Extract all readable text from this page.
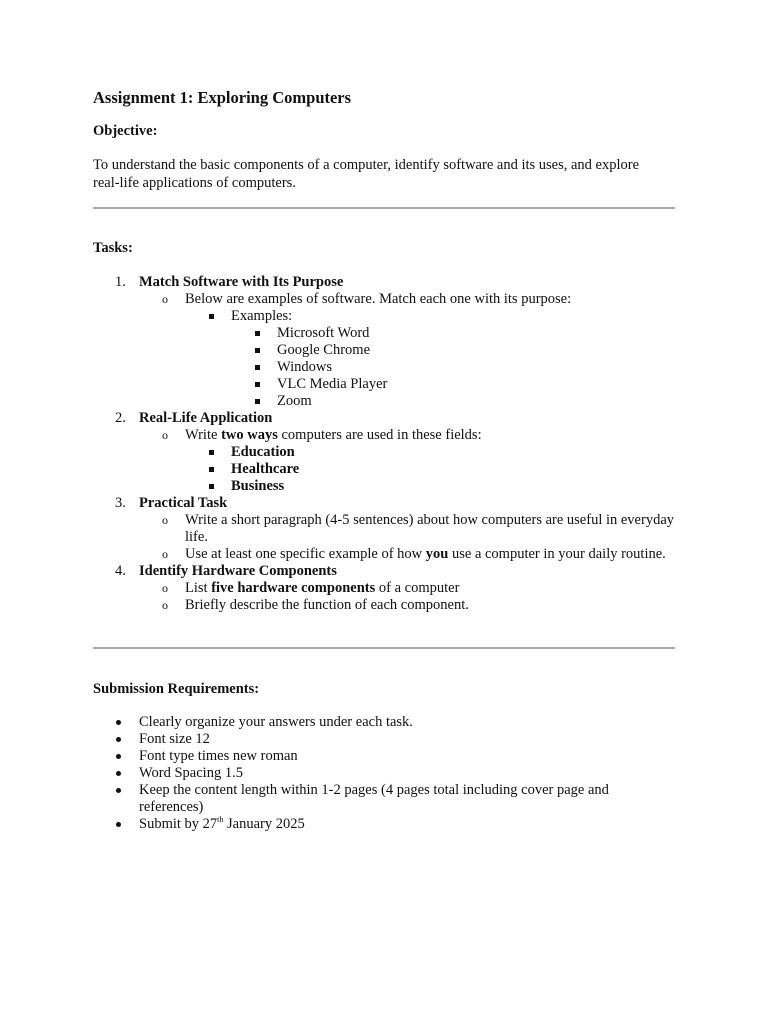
Assignment 1: Exploring Computers

Objective:

To understand the basic components of a computer, identify software and its uses, and explore real-life applications of computers.

Tasks:

1. Match Software with Its Purpose
o Below are examples of software. Match each one with its purpose:
Examples:
Microsoft Word
Google Chrome
Windows
VLC Media Player
Zoom
2. Real-Life Application
o Write two ways computers are used in these fields:
Education
Healthcare
Business
3. Practical Task
o Write a short paragraph (4-5 sentences) about how computers are useful in everyday life.
o Use at least one specific example of how you use a computer in your daily routine.
4. Identify Hardware Components
o List five hardware components of a computer
o Briefly describe the function of each component.

Submission Requirements:

Clearly organize your answers under each task.
Font size 12
Font type times new roman
Word Spacing 1.5
Keep the content length within 1-2 pages (4 pages total including cover page and references)
Submit by 27th January 2025
